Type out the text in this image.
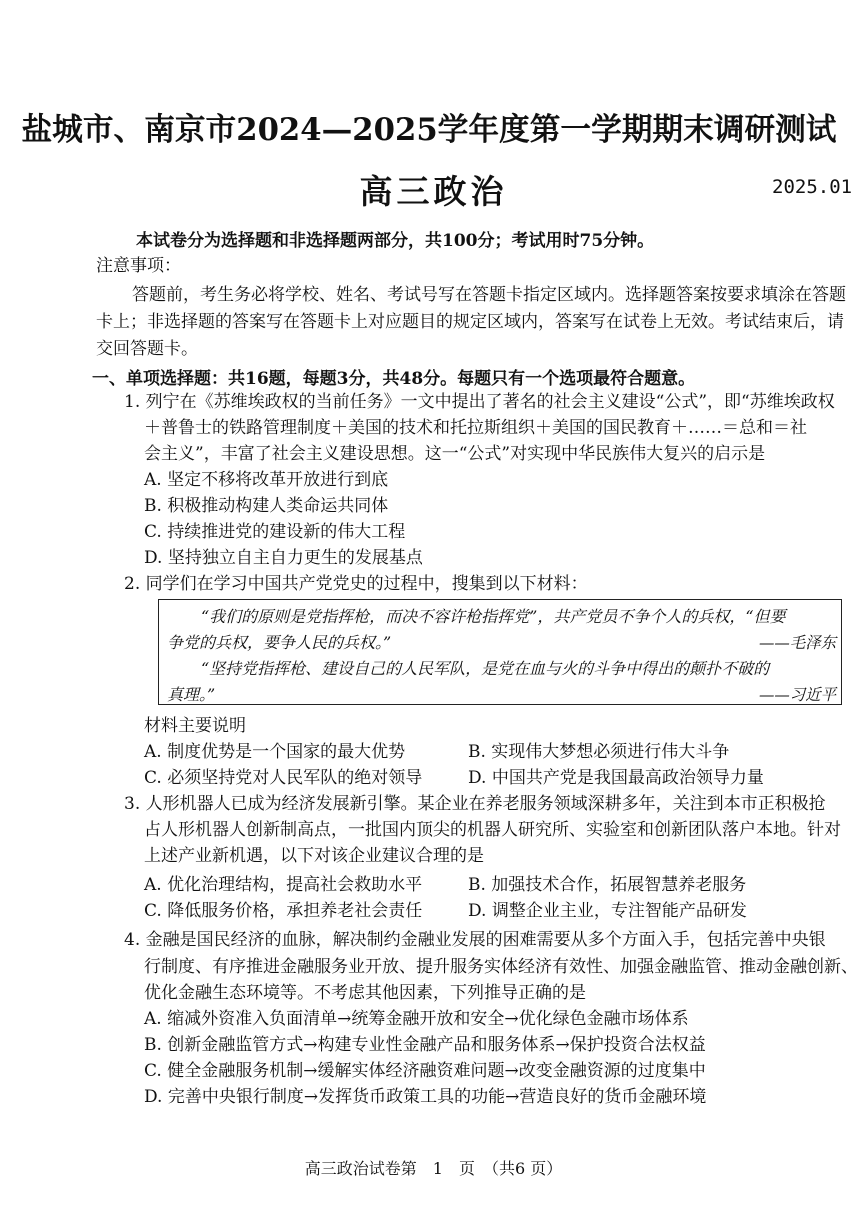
盐城市、南京市2024—2025学年度第一学期期末调研测试
高三政治	2025.01
本试卷分为选择题和非选择题两部分，共100分；考试用时75分钟。
注意事项：
答题前，考生务必将学校、姓名、考试号写在答题卡指定区域内。选择题答案按要求填涂在答题
卡上；非选择题的答案写在答题卡上对应题目的规定区域内，答案写在试卷上无效。考试结束后，请
交回答题卡。
一、单项选择题：共16题，每题3分，共48分。每题只有一个选项最符合题意。
1. 列宁在《苏维埃政权的当前任务》一文中提出了著名的社会主义建设“公式”，即“苏维埃政权
＋普鲁士的铁路管理制度＋美国的技术和托拉斯组织＋美国的国民教育＋……＝总和＝社
会主义”，丰富了社会主义建设思想。这一“公式”对实现中华民族伟大复兴的启示是
A. 坚定不移将改革开放进行到底
B. 积极推动构建人类命运共同体
C. 持续推进党的建设新的伟大工程
D. 坚持独立自主自力更生的发展基点
2. 同学们在学习中国共产党党史的过程中，搜集到以下材料：
“我们的原则是党指挥枪，而决不容许枪指挥党”，共产党员不争个人的兵权，“但要
争党的兵权，要争人民的兵权。”	——毛泽东
“坚持党指挥枪、建设自己的人民军队，是党在血与火的斗争中得出的颠扑不破的
真理。”	——习近平
材料主要说明
A. 制度优势是一个国家的最大优势	B. 实现伟大梦想必须进行伟大斗争
C. 必须坚持党对人民军队的绝对领导	D. 中国共产党是我国最高政治领导力量
3. 人形机器人已成为经济发展新引擎。某企业在养老服务领域深耕多年，关注到本市正积极抢
占人形机器人创新制高点，一批国内顶尖的机器人研究所、实验室和创新团队落户本地。针对
上述产业新机遇，以下对该企业建议合理的是
A. 优化治理结构，提高社会救助水平	B. 加强技术合作，拓展智慧养老服务
C. 降低服务价格，承担养老社会责任	D. 调整企业主业，专注智能产品研发
4. 金融是国民经济的血脉，解决制约金融业发展的困难需要从多个方面入手，包括完善中央银
行制度、有序推进金融服务业开放、提升服务实体经济有效性、加强金融监管、推动金融创新、
优化金融生态环境等。不考虑其他因素，下列推导正确的是
A. 缩减外资准入负面清单→统筹金融开放和安全→优化绿色金融市场体系
B. 创新金融监管方式→构建专业性金融产品和服务体系→保护投资合法权益
C. 健全金融服务机制→缓解实体经济融资难问题→改变金融资源的过度集中
D. 完善中央银行制度→发挥货币政策工具的功能→营造良好的货币金融环境
高三政治试卷第　1　页　（共6 页）
